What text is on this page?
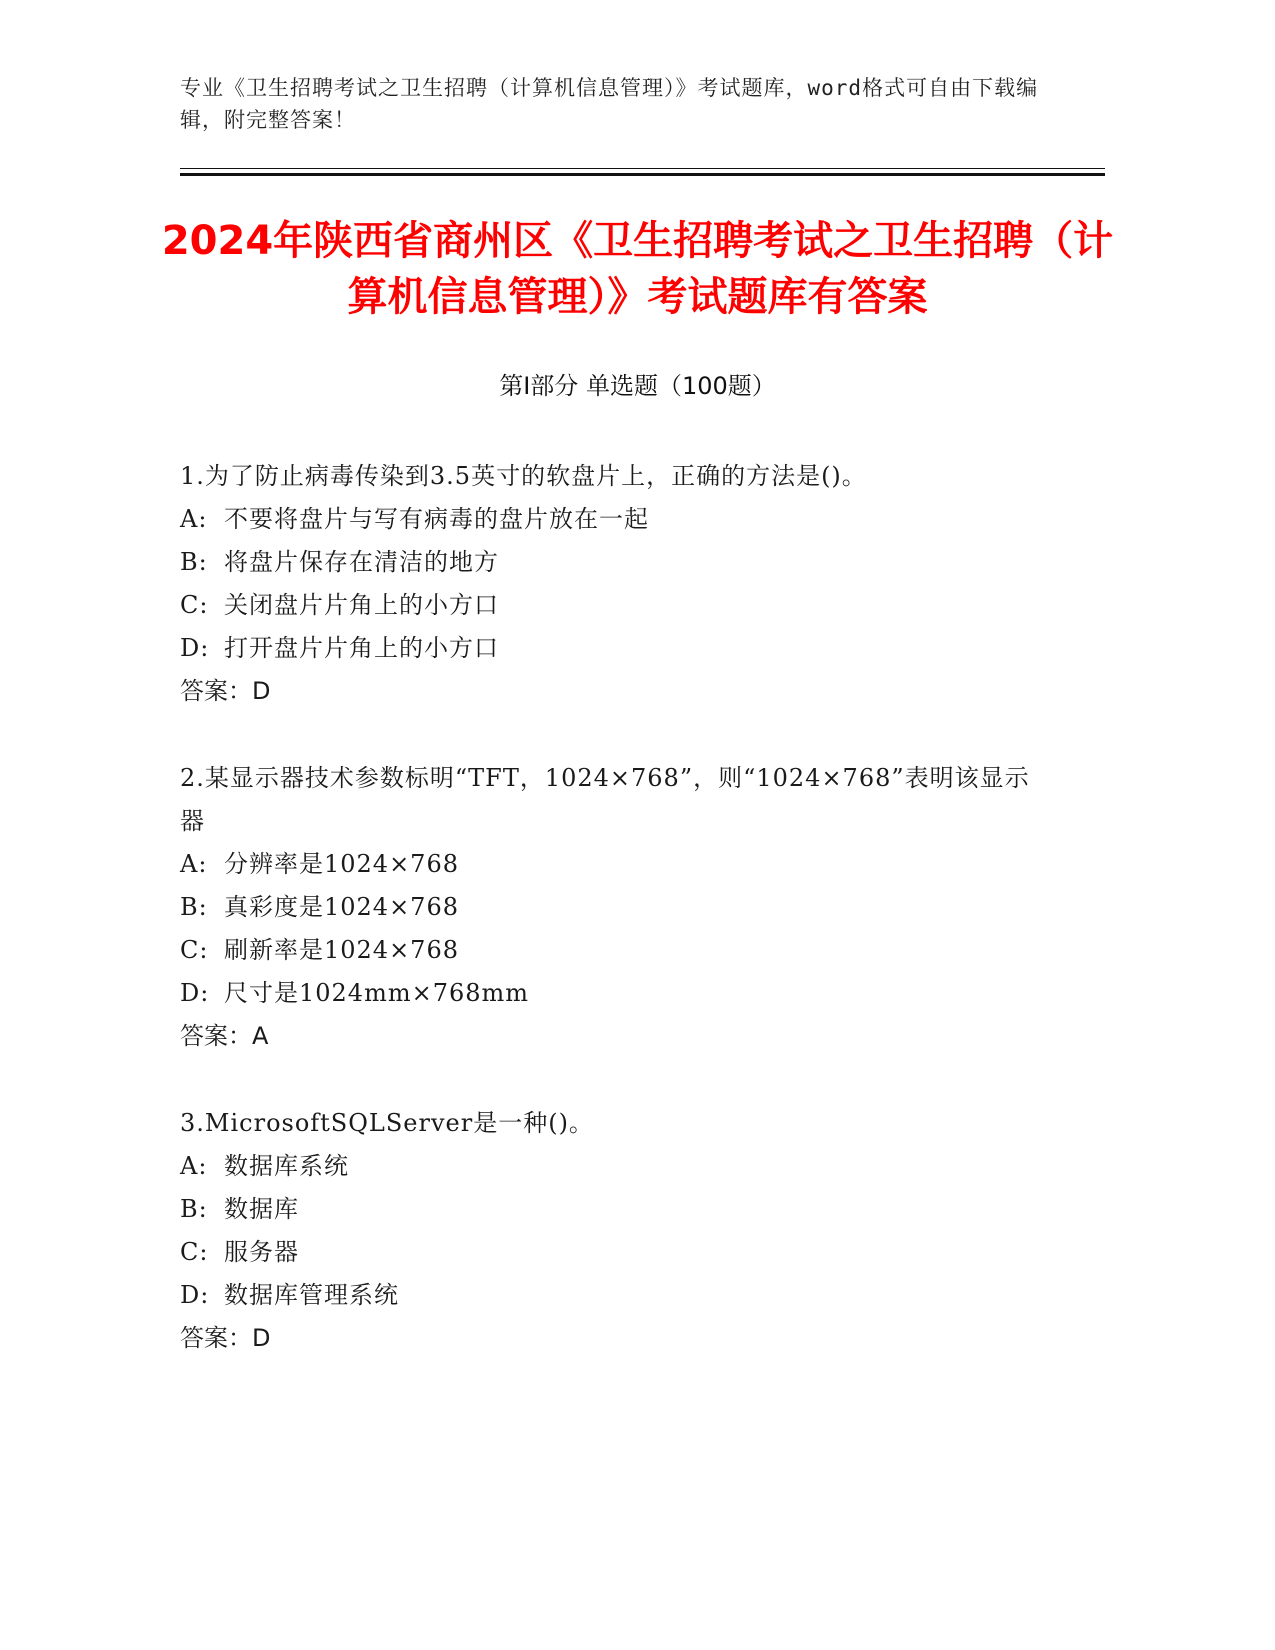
专业《卫生招聘考试之卫生招聘（计算机信息管理）》考试题库，word格式可自由下载编辑，附完整答案！
2024年陕西省商州区《卫生招聘考试之卫生招聘（计算机信息管理）》考试题库有答案
第I部分 单选题（100题）

1.为了防止病毒传染到3.5英寸的软盘片上，正确的方法是()。

A: 不要将盘片与写有病毒的盘片放在一起

B: 将盘片保存在清洁的地方

C: 关闭盘片片角上的小方口

D: 打开盘片片角上的小方口

答案：D

2.某显示器技术参数标明“TFT，1024×768”，则“1024×768”表明该显示器

A: 分辨率是1024×768

B: 真彩度是1024×768

C: 刷新率是1024×768

D: 尺寸是1024mm×768mm

答案：A

3.MicrosoftSQLServer是一种()。

A: 数据库系统

B: 数据库

C: 服务器

D: 数据库管理系统

答案：D
